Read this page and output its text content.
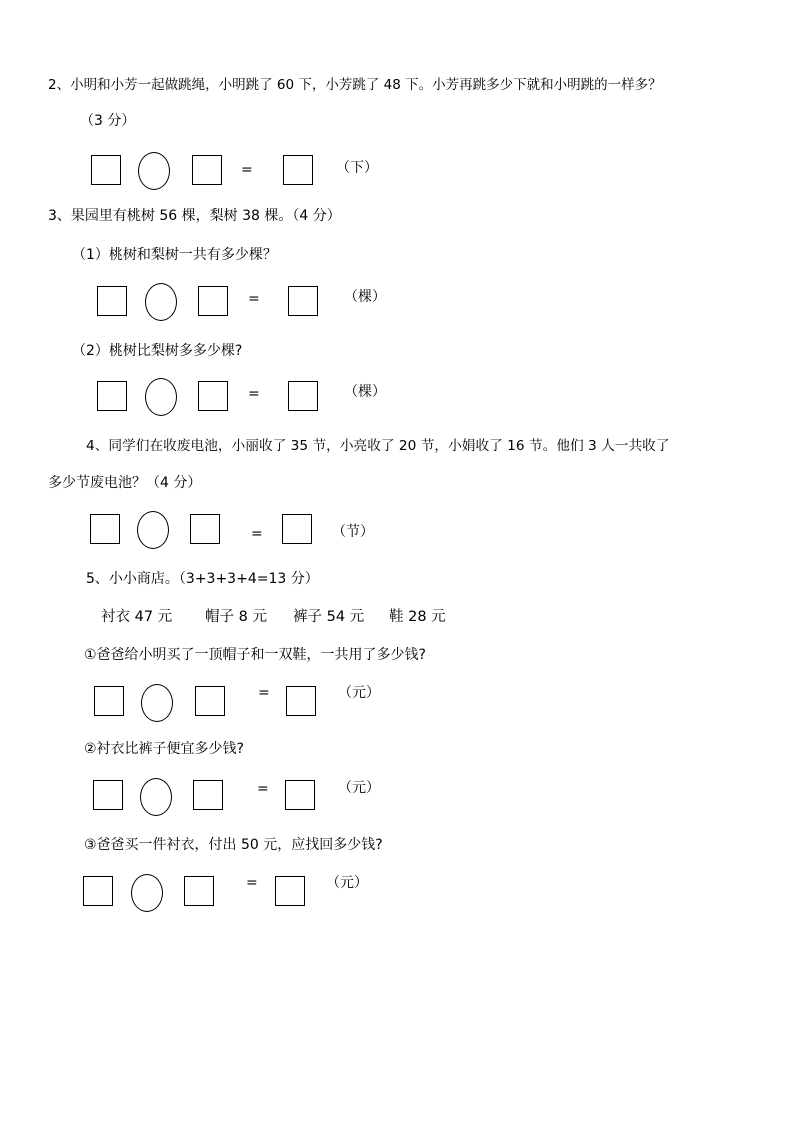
2、小明和小芳一起做跳绳，小明跳了 60 下，小芳跳了 48 下。小芳再跳多少下就和小明跳的一样多？
（3 分）
=	（下）
3、果园里有桃树 56 棵，梨树 38 棵。（4 分）
（1）桃树和梨树一共有多少棵？
=	（棵）
（2）桃树比梨树多多少棵?
=	（棵）
4、同学们在收废电池，小丽收了 35 节，小亮收了 20 节，小娟收了 16 节。他们 3 人一共收了
多少节废电池？（4 分）
=	（节）
5、小小商店。（3+3+3+4=13 分）
衬衣 47 元 帽子 8 元 裤子 54 元 鞋 28 元
①爸爸给小明买了一顶帽子和一双鞋，一共用了多少钱?
=	（元）
②衬衣比裤子便宜多少钱?
=	（元）
③爸爸买一件衬衣，付出 50 元，应找回多少钱?
=	（元）
